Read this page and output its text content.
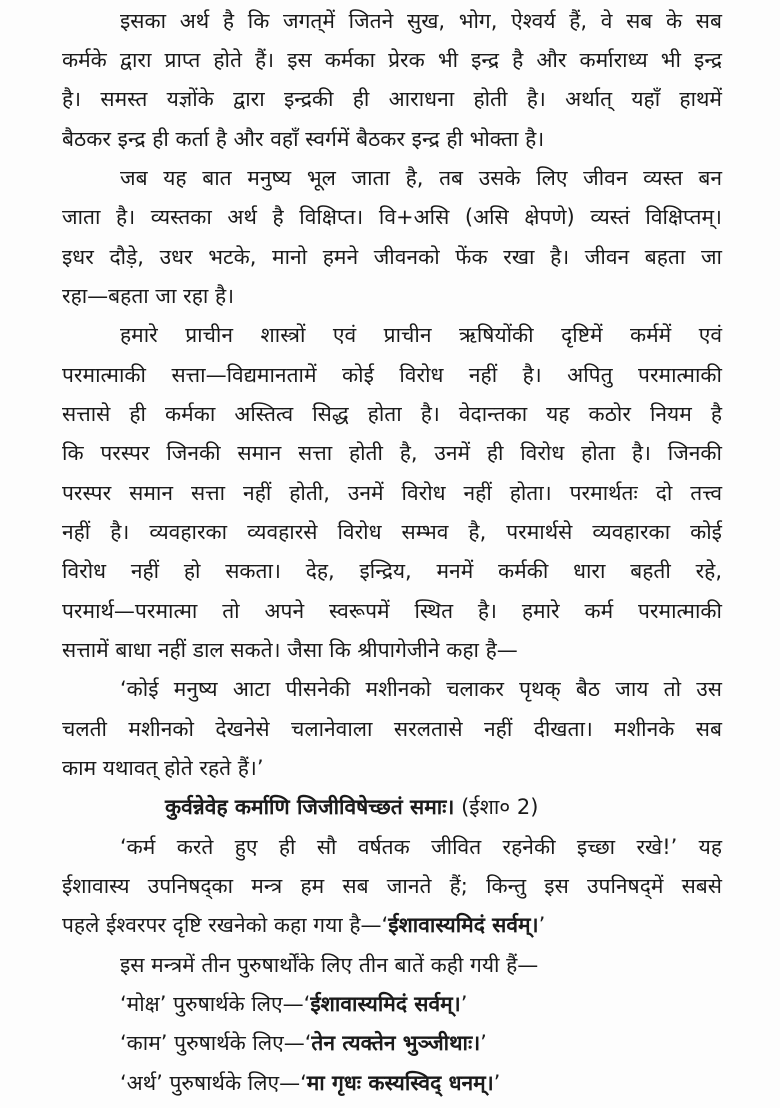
इसका अर्थ है कि जगत्‌में जितने सुख, भोग, ऐश्वर्य हैं, वे सब के सब
कर्मके द्वारा प्राप्त होते हैं। इस कर्मका प्रेरक भी इन्द्र है और कर्माराध्य भी इन्द्र
है। समस्त यज्ञोंके द्वारा इन्द्रकी ही आराधना होती है। अर्थात् यहाँ हाथमें
बैठकर इन्द्र ही कर्ता है और वहाँ स्वर्गमें बैठकर इन्द्र ही भोक्ता है।
जब यह बात मनुष्य भूल जाता है, तब उसके लिए जीवन व्यस्त बन
जाता है। व्यस्तका अर्थ है विक्षिप्त। वि+असि (असि क्षेपणे) व्यस्तं विक्षिप्तम्।
इधर दौड़े, उधर भटके, मानो हमने जीवनको फेंक रखा है। जीवन बहता जा
रहा—बहता जा रहा है।
हमारे प्राचीन शास्त्रों एवं प्राचीन ऋषियोंकी दृष्टिमें कर्ममें एवं
परमात्माकी सत्ता—विद्यमानतामें कोई विरोध नहीं है। अपितु परमात्माकी
सत्तासे ही कर्मका अस्तित्व सिद्ध होता है। वेदान्तका यह कठोर नियम है
कि परस्पर जिनकी समान सत्ता होती है, उनमें ही विरोध होता है। जिनकी
परस्पर समान सत्ता नहीं होती, उनमें विरोध नहीं होता। परमार्थतः दो तत्त्व
नहीं है। व्यवहारका व्यवहारसे विरोध सम्भव है, परमार्थसे व्यवहारका कोई
विरोध नहीं हो सकता। देह, इन्द्रिय, मनमें कर्मकी धारा बहती रहे,
परमार्थ—परमात्मा तो अपने स्वरूपमें स्थित है। हमारे कर्म परमात्माकी
सत्तामें बाधा नहीं डाल सकते। जैसा कि श्रीपागेजीने कहा है—
‘कोई मनुष्य आटा पीसनेकी मशीनको चलाकर पृथक् बैठ जाय तो उस
चलती मशीनको देखनेसे चलानेवाला सरलतासे नहीं दीखता। मशीनके सब
काम यथावत् होते रहते हैं।’
कुर्वन्नेवेह कर्माणि जिजीविषेच्छतं समाः। (ईशा० 2)
‘कर्म करते हुए ही सौ वर्षतक जीवित रहनेकी इच्छा रखे!’ यह
ईशावास्य उपनिषद्‌का मन्त्र हम सब जानते हैं; किन्तु इस उपनिषद्‌में सबसे
पहले ईश्वरपर दृष्टि रखनेको कहा गया है—‘ईशावास्यमिदं सर्वम्।’
इस मन्त्रमें तीन पुरुषार्थोंके लिए तीन बातें कही गयी हैं—
‘मोक्ष’ पुरुषार्थके लिए—‘ईशावास्यमिदं सर्वम्।’
‘काम’ पुरुषार्थके लिए—‘तेन त्यक्तेन भुञ्जीथाः।’
‘अर्थ’ पुरुषार्थके लिए—‘मा गृधः कस्यस्विद् धनम्।’
